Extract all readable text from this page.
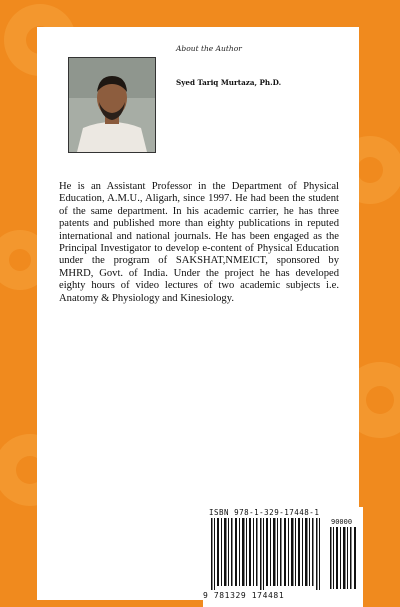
About the Author
Syed Tariq Murtaza, Ph.D.

He is an Assistant Professor in the Department of Physical Education, A.M.U., Aligarh, since 1997. He had been the student of the same department. In his academic carrier, he has three patents and published more than eighty publications in reputed international and national journals. He has been engaged as the Principal Investigator to develop e-content of Physical Education under the program of SAKSHAT,NMEICT, sponsored by MHRD, Govt. of India. Under the project he has developed eighty hours of video lectures of two academic subjects i.e. Anatomy & Physiology and Kinesiology.

ISBN 978-1-329-17448-1
90000
9 781329 174481
